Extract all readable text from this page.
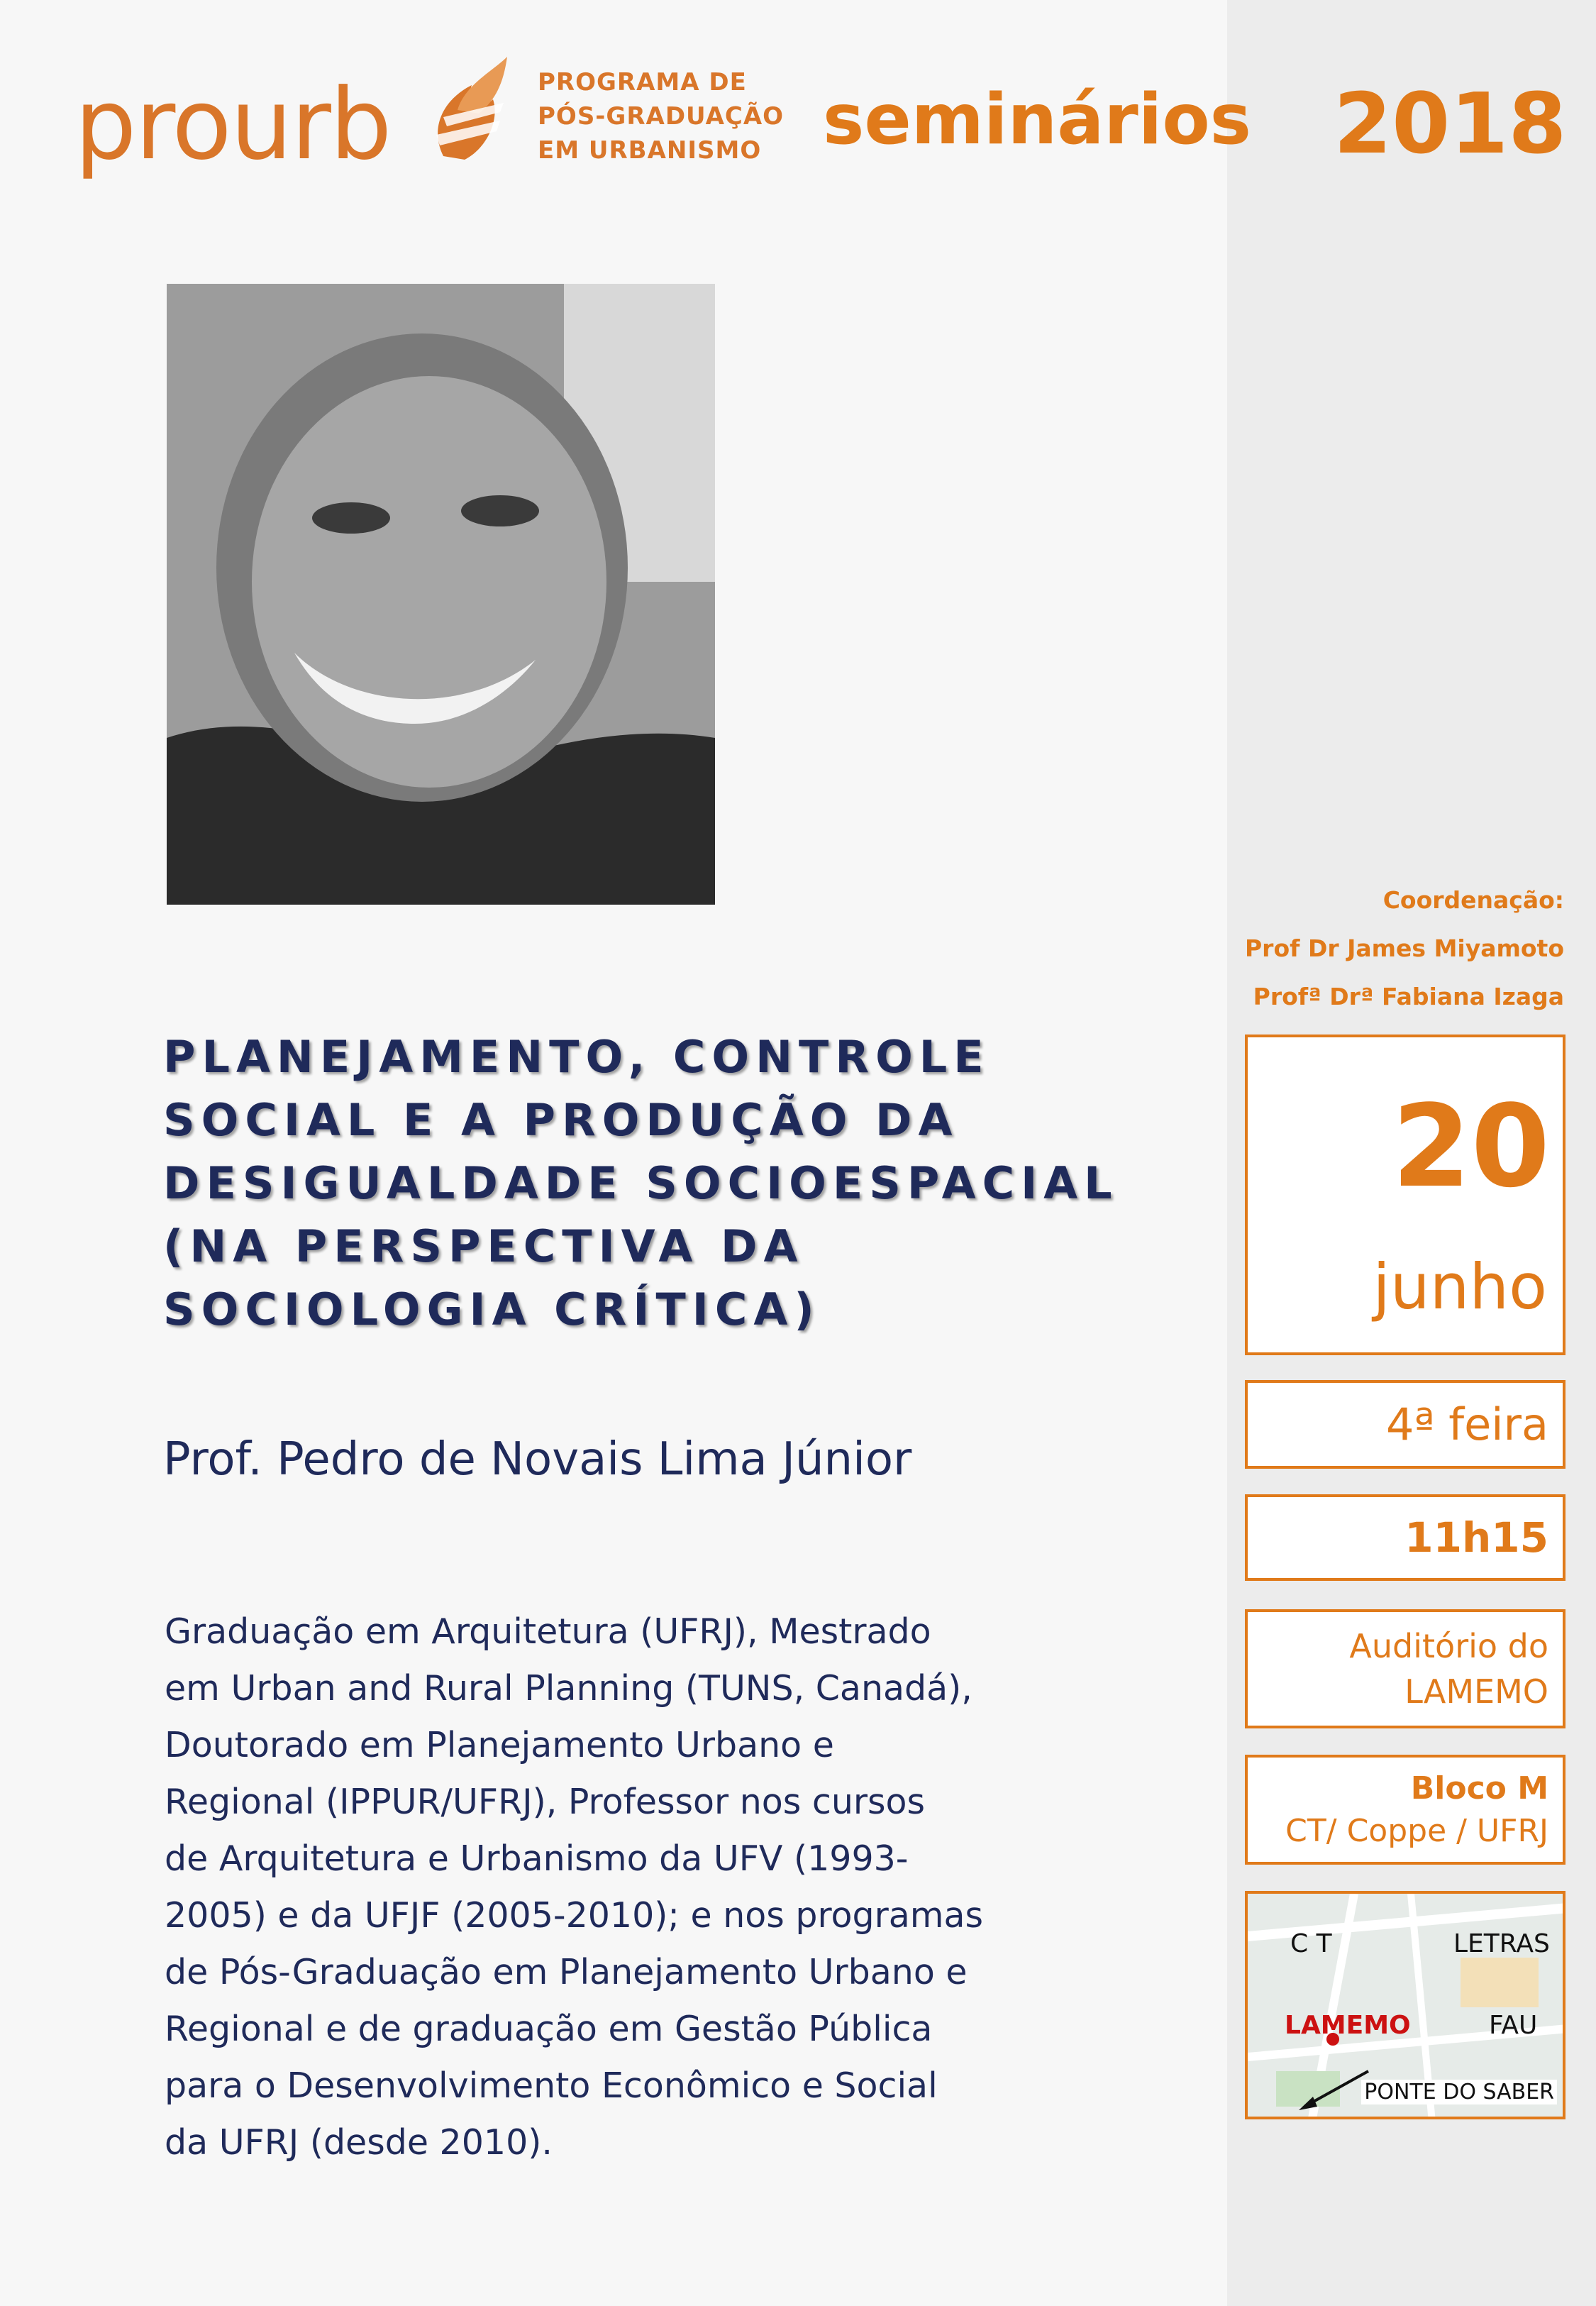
prourb	PROGRAMA DE
PÓS-GRADUAÇÃO
EM URBANISMO seminários 2018
PLANEJAMENTO, CONTROLE
SOCIAL E A PRODUÇÃO DA
DESIGUALDADE SOCIOESPACIAL
(NA PERSPECTIVA DA
SOCIOLOGIA CRÍTICA)
Prof. Pedro de Novais Lima Júnior
Graduação em Arquitetura (UFRJ), Mestrado
em Urban and Rural Planning (TUNS, Canadá),
Doutorado em Planejamento Urbano e
Regional (IPPUR/UFRJ), Professor nos cursos
de Arquitetura e Urbanismo da UFV (1993-
2005) e da UFJF (2005-2010); e nos programas
de Pós-Graduação em Planejamento Urbano e
Regional e de graduação em Gestão Pública
para o Desenvolvimento Econômico e Social
da UFRJ (desde 2010).
Coordenação:
Prof Dr James Miyamoto
Profª Drª Fabiana Izaga
20
junho
4ª feira
11h15
Auditório do
LAMEMO
Bloco M
CT/ Coppe / UFRJ
C T	LETRAS
LAMEMO	FAU
PONTE DO SABER
